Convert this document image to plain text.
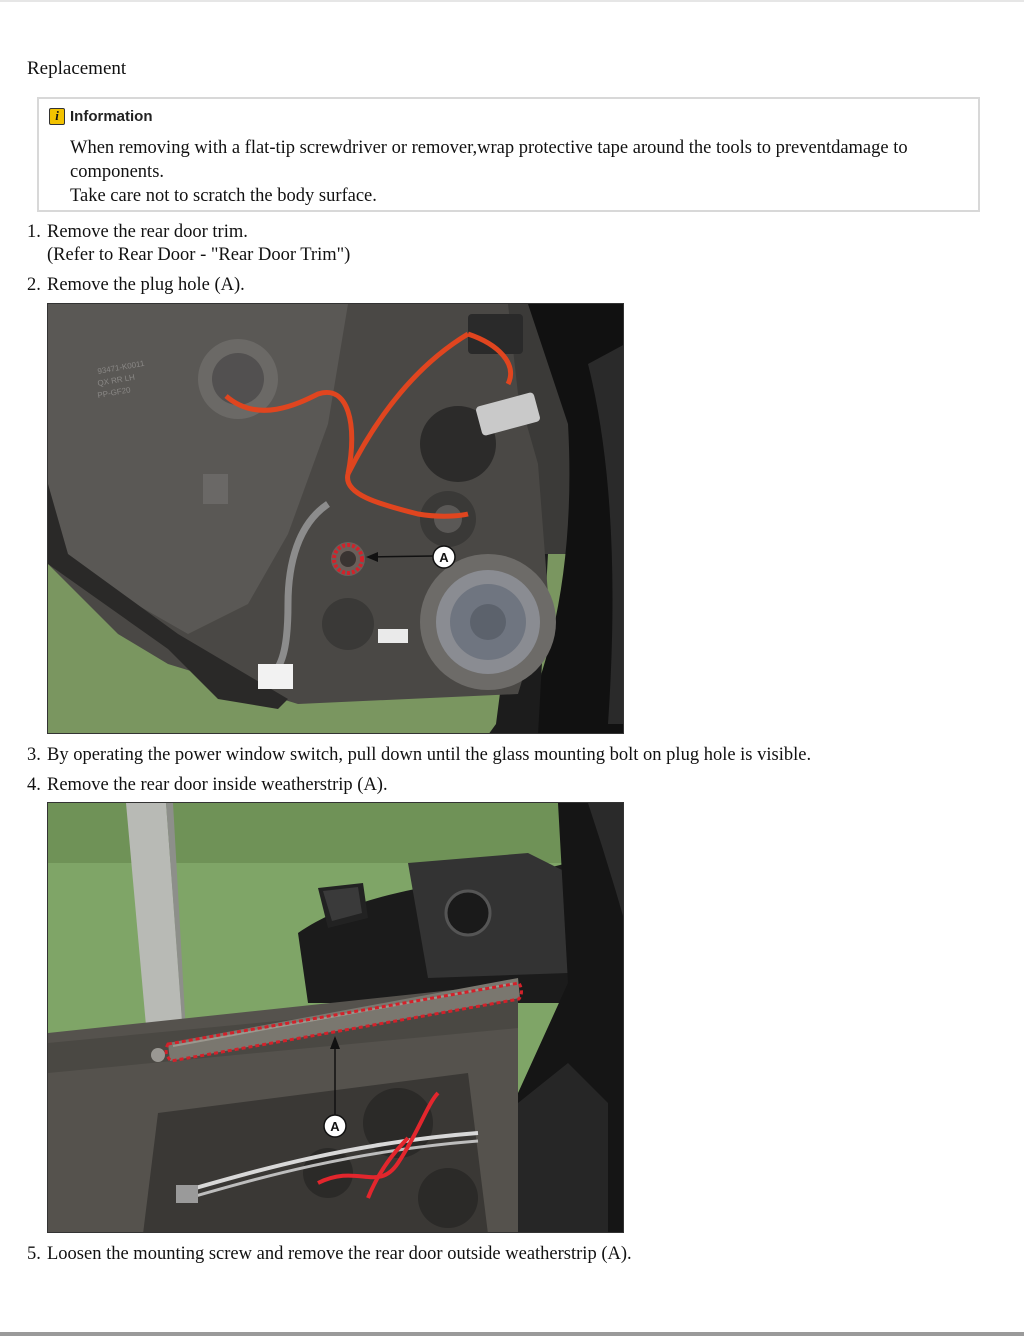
Replacement
i Information

When removing with a flat-tip screwdriver or remover,wrap protective tape around the tools to preventdamage to components.

Take care not to scratch the body surface.

1. Remove the rear door trim.
(Refer to Rear Door - "Rear Door Trim")
2. Remove the plug hole (A).
93471-K0011
QX RR LH
PP-GF20
A
3. By operating the power window switch, pull down until the glass mounting bolt on plug hole is visible.
4. Remove the rear door inside weatherstrip (A).
A
5. Loosen the mounting screw and remove the rear door outside weatherstrip (A).
